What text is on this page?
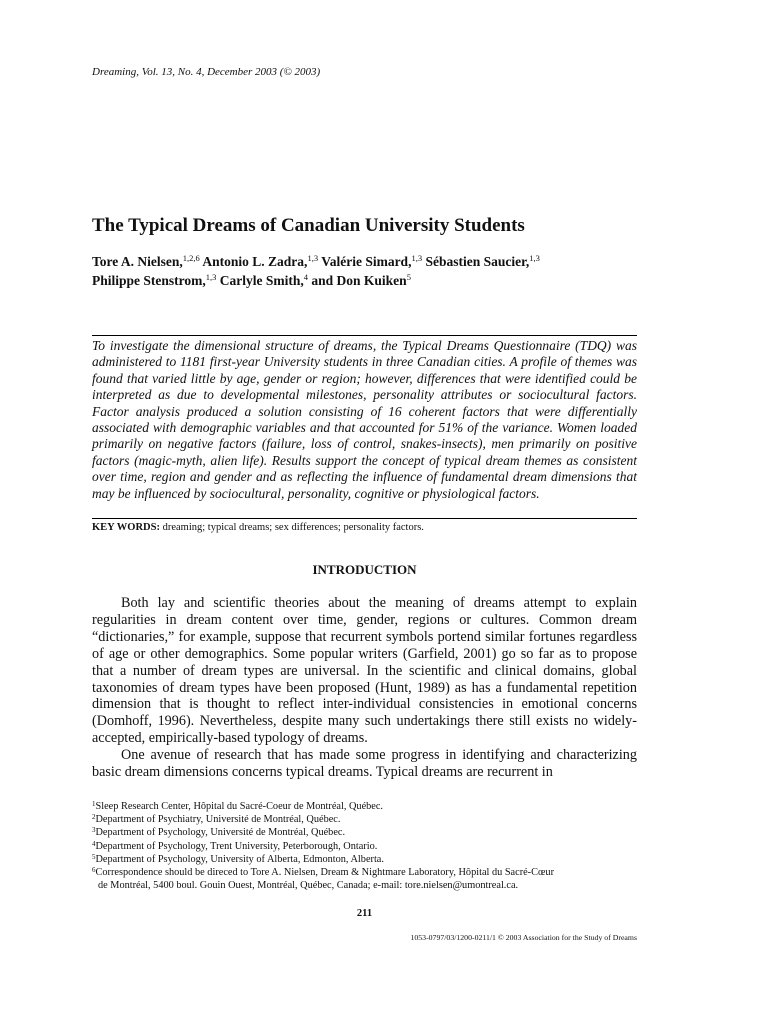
Dreaming, Vol. 13, No. 4, December 2003 (© 2003)
The Typical Dreams of Canadian University Students
Tore A. Nielsen,$^{1,2,6}$ Antonio L. Zadra,$^{1,3}$ Valérie Simard,$^{1,3}$ Sébastien Saucier,$^{1,3}$
Philippe Stenstrom,$^{1,3}$ Carlyle Smith,$^4$ and Don Kuiken$^5$

To investigate the dimensional structure of dreams, the Typical Dreams Questionnaire (TDQ) was administered to 1181 first-year University students in three Canadian cities. A profile of themes was found that varied little by age, gender or region; however, differences that were identified could be interpreted as due to developmental milestones, personality attributes or sociocultural factors. Factor analysis produced a solution consisting of 16 coherent factors that were differentially associated with demographic variables and that accounted for 51% of the variance. Women loaded primarily on negative factors (failure, loss of control, snakes-insects), men primarily on positive factors (magic-myth, alien life). Results support the concept of typical dream themes as consistent over time, region and gender and as reflecting the influence of fundamental dream dimensions that may be influenced by sociocultural, personality, cognitive or physiological factors.

KEY WORDS: dreaming; typical dreams; sex differences; personality factors.
INTRODUCTION

Both lay and scientific theories about the meaning of dreams attempt to explain regularities in dream content over time, gender, regions or cultures. Common dream “dictionaries,” for example, suppose that recurrent symbols portend similar fortunes regardless of age or other demographics. Some popular writers (Garfield, 2001) go so far as to propose that a number of dream types are universal. In the scientific and clinical domains, global taxonomies of dream types have been proposed (Hunt, 1989) as has a fundamental repetition dimension that is thought to reflect inter-individual consistencies in emotional concerns (Domhoff, 1996). Nevertheless, despite many such undertakings there still exists no widely-accepted, empirically-based typology of dreams.

One avenue of research that has made some progress in identifying and characterizing basic dream dimensions concerns typical dreams. Typical dreams are recurrent in

$^1$Sleep Research Center, Hôpital du Sacré-Coeur de Montréal, Québec.

$^2$Department of Psychiatry, Université de Montréal, Québec.

$^3$Department of Psychology, Université de Montréal, Québec.

$^4$Department of Psychology, Trent University, Peterborough, Ontario.

$^5$Department of Psychology, University of Alberta, Edmonton, Alberta.

$^6$Correspondence should be direced to Tore A. Nielsen, Dream & Nightmare Laboratory, Hôpital du Sacré-Cœur

de Montréal, 5400 boul. Gouin Ouest, Montréal, Québec, Canada; e-mail: tore.nielsen@umontreal.ca.

211
1053-0797/03/1200-0211/1 © 2003 Association for the Study of Dreams
